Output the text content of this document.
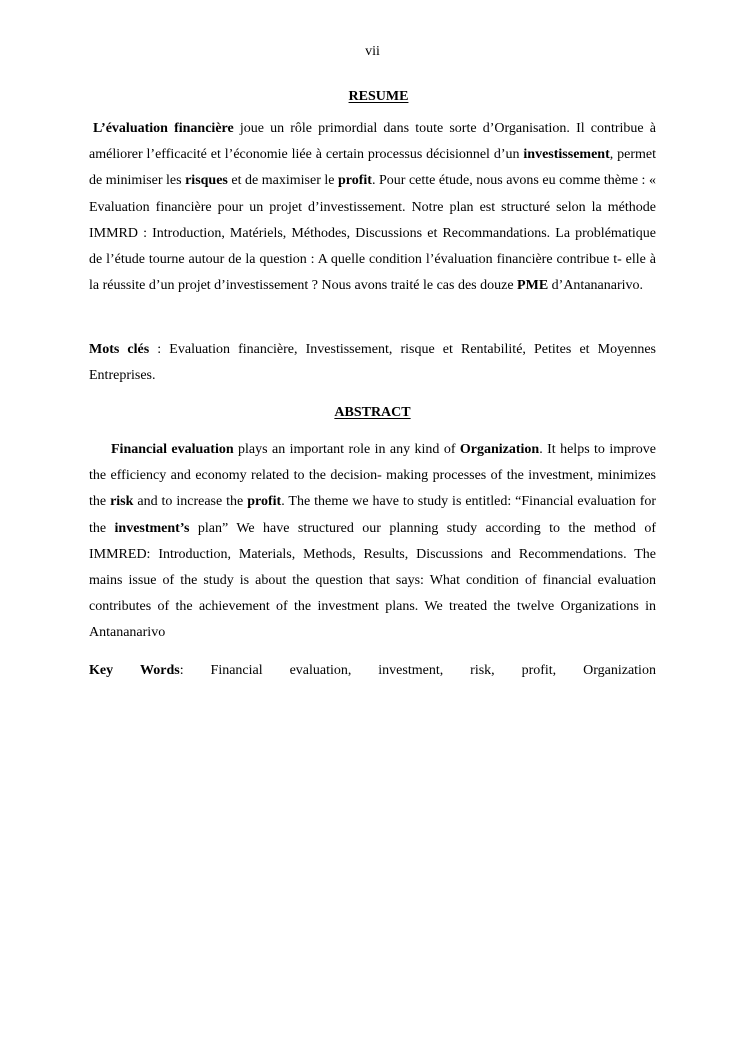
vii
RESUME

L’évaluation financière joue un rôle primordial dans toute sorte d’Organisation. Il contribue à améliorer l’efficacité et l’économie liée à certain processus décisionnel d’un investissement, permet de minimiser les risques et de maximiser le profit. Pour cette étude, nous avons eu comme thème : « Evaluation financière pour un projet d’investissement. Notre plan est structuré selon la méthode IMMRD : Introduction, Matériels, Méthodes, Discussions et Recommandations. La problématique de l’étude tourne autour de la question : A quelle condition l’évaluation financière contribue t- elle à la réussite d’un projet d’investissement ? Nous avons traité le cas des douze PME d’Antananarivo.

Mots clés : Evaluation financière, Investissement, risque et Rentabilité, Petites et Moyennes Entreprises.

ABSTRACT

Financial evaluation plays an important role in any kind of Organization. It helps to improve the efficiency and economy related to the decision- making processes of the investment, minimizes the risk and to increase the profit. The theme we have to study is entitled: “Financial evaluation for the investment’s plan” We have structured our planning study according to the method of IMMRED: Introduction, Materials, Methods, Results, Discussions and Recommendations. The mains issue of the study is about the question that says: What condition of financial evaluation contributes of the achievement of the investment plans. We treated the twelve Organizations in Antananarivo

Key Words: Financial evaluation, investment, risk, profit, Organization
